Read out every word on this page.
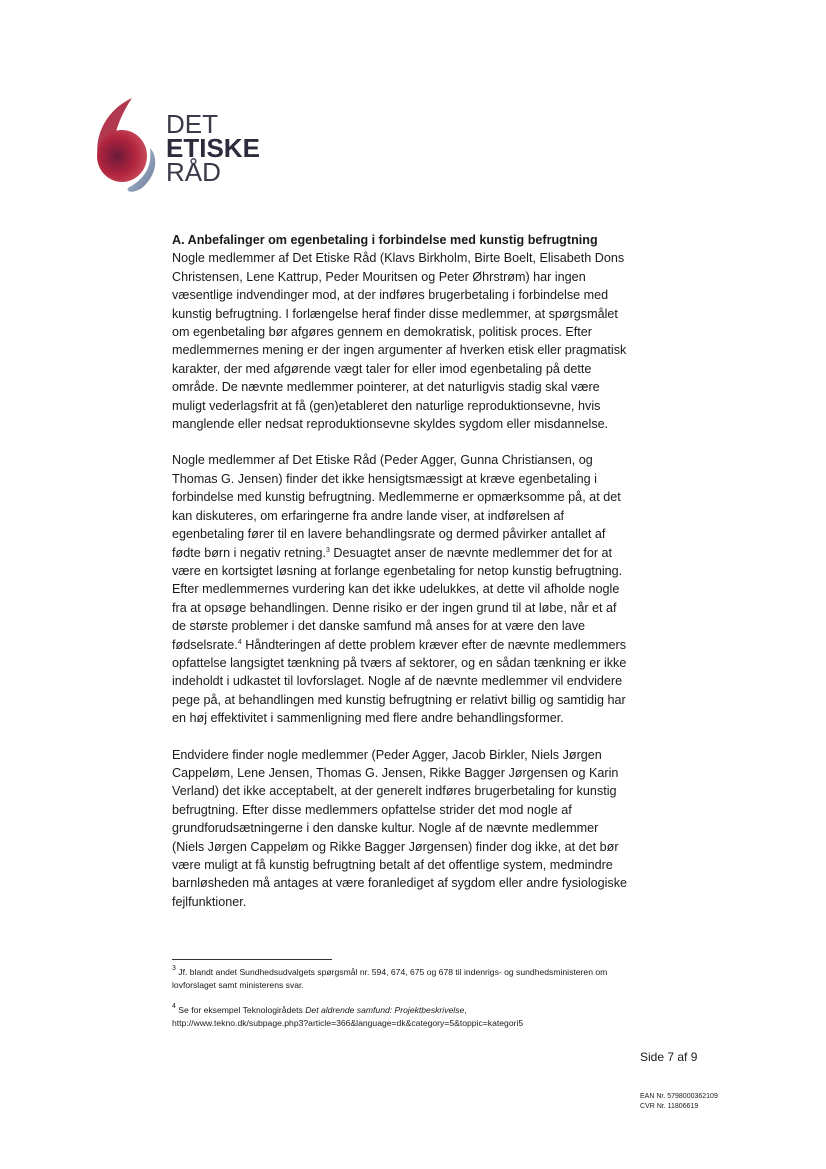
DET
ETISKE
RÅD
A. Anbefalinger om egenbetaling i forbindelse med kunstig befrugtning

Nogle medlemmer af Det Etiske Råd (Klavs Birkholm, Birte Boelt, Elisabeth Dons Christensen, Lene Kattrup, Peder Mouritsen og Peter Øhrstrøm) har ingen væsentlige indvendinger mod, at der indføres brugerbetaling i forbindelse med kunstig befrugtning. I forlængelse heraf finder disse medlemmer, at spørgsmålet om egenbetaling bør afgøres gennem en demokratisk, politisk proces. Efter medlemmernes mening er der ingen argumenter af hverken etisk eller pragmatisk karakter, der med afgørende vægt taler for eller imod egenbetaling på dette område. De nævnte medlemmer pointerer, at det naturligvis stadig skal være muligt vederlagsfrit at få (gen)etableret den naturlige reproduktionsevne, hvis manglende eller nedsat reproduktionsevne skyldes sygdom eller misdannelse.

Nogle medlemmer af Det Etiske Råd (Peder Agger, Gunna Christiansen, og Thomas G. Jensen) finder det ikke hensigtsmæssigt at kræve egenbetaling i forbindelse med kunstig befrugtning. Medlemmerne er opmærksomme på, at det kan diskuteres, om erfaringerne fra andre lande viser, at indførelsen af egenbetaling fører til en lavere behandlingsrate og dermed påvirker antallet af fødte børn i negativ retning.$^3$ Desuagtet anser de nævnte medlemmer det for at være en kortsigtet løsning at forlange egenbetaling for netop kunstig befrugtning. Efter medlemmernes vurdering kan det ikke udelukkes, at dette vil afholde nogle fra at opsøge behandlingen. Denne risiko er der ingen grund til at løbe, når et af de største problemer i det danske samfund må anses for at være den lave fødselsrate.$^4$ Håndteringen af dette problem kræver efter de nævnte medlemmers opfattelse langsigtet tænkning på tværs af sektorer, og en sådan tænkning er ikke indeholdt i udkastet til lovforslaget. Nogle af de nævnte medlemmer vil endvidere pege på, at behandlingen med kunstig befrugtning er relativt billig og samtidig har en høj effektivitet i sammenligning med flere andre behandlingsformer.

Endvidere finder nogle medlemmer (Peder Agger, Jacob Birkler, Niels Jørgen Cappeløm, Lene Jensen, Thomas G. Jensen, Rikke Bagger Jørgensen og Karin Verland) det ikke acceptabelt, at der generelt indføres brugerbetaling for kunstig befrugtning. Efter disse medlemmers opfattelse strider det mod nogle af grundforudsætningerne i den danske kultur. Nogle af de nævnte medlemmer (Niels Jørgen Cappeløm og Rikke Bagger Jørgensen) finder dog ikke, at det bør være muligt at få kunstig befrugtning betalt af det offentlige system, medmindre barnløsheden må antages at være foranlediget af sygdom eller andre fysiologiske fejlfunktioner.

$^3$ Jf. blandt andet Sundhedsudvalgets spørgsmål nr. 594, 674, 675 og 678 til indenrigs- og sundhedsministeren om lovforslaget samt ministerens svar.

$^4$ Se for eksempel Teknologirådets Det aldrende samfund: Projektbeskrivelse,
http://www.tekno.dk/subpage.php3?article=366&language=dk&category=5&toppic=kategori5

Side 7 af 9
EAN Nr. 5798000362109
CVR Nr. 11806619
